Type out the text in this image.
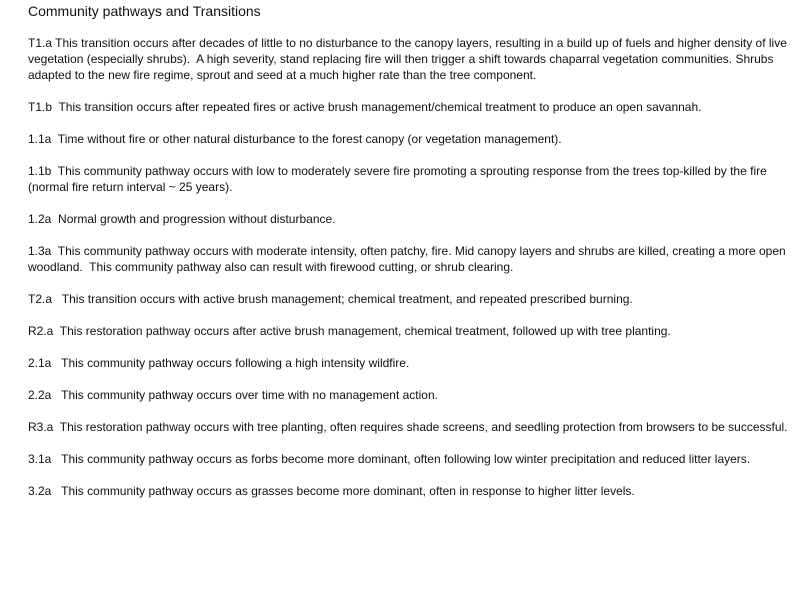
Community pathways and Transitions

T1.a This transition occurs after decades of little to no disturbance to the canopy layers, resulting in a build up of fuels and higher density of live vegetation (especially shrubs).  A high severity, stand replacing fire will then trigger a shift towards chaparral vegetation communities. Shrubs adapted to the new fire regime, sprout and seed at a much higher rate than the tree component.

T1.b  This transition occurs after repeated fires or active brush management/chemical treatment to produce an open savannah.

1.1a  Time without fire or other natural disturbance to the forest canopy (or vegetation management).

1.1b  This community pathway occurs with low to moderately severe fire promoting a sprouting response from the trees top-killed by the fire (normal fire return interval ~ 25 years).

1.2a  Normal growth and progression without disturbance.

1.3a  This community pathway occurs with moderate intensity, often patchy, fire. Mid canopy layers and shrubs are killed, creating a more open woodland.  This community pathway also can result with firewood cutting, or shrub clearing.

T2.a   This transition occurs with active brush management; chemical treatment, and repeated prescribed burning.

R2.a  This restoration pathway occurs after active brush management, chemical treatment, followed up with tree planting.

2.1a   This community pathway occurs following a high intensity wildfire.

2.2a   This community pathway occurs over time with no management action.

R3.a  This restoration pathway occurs with tree planting, often requires shade screens, and seedling protection from browsers to be successful.

3.1a   This community pathway occurs as forbs become more dominant, often following low winter precipitation and reduced litter layers.

3.2a   This community pathway occurs as grasses become more dominant, often in response to higher litter levels.
